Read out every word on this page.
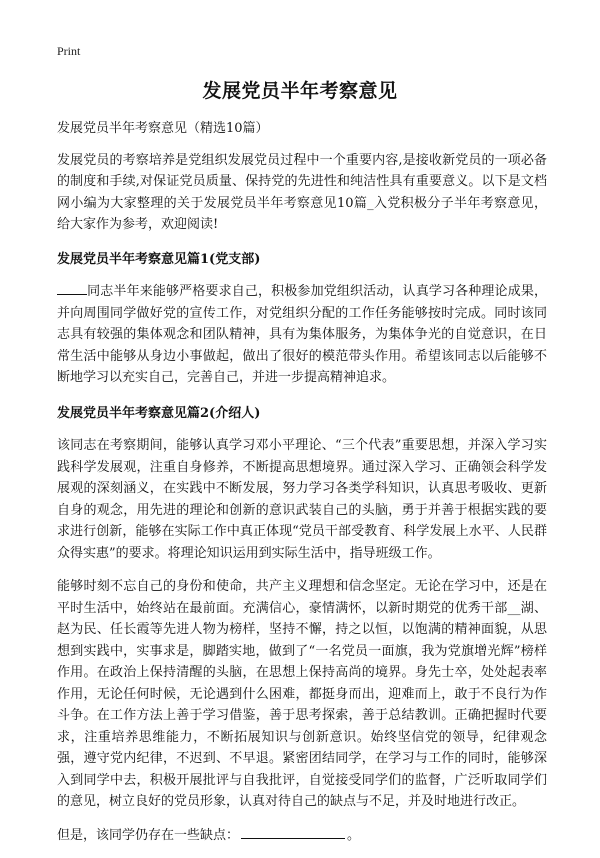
Print
发展党员半年考察意见

发展党员半年考察意见（精选10篇）

发展党员的考察培养是党组织发展党员过程中一个重要内容,是接收新党员的一项必备的制度和手续,对保证党员质量、保持党的先进性和纯洁性具有重要意义。以下是文档网小编为大家整理的关于发展党员半年考察意见10篇_入党积极分子半年考察意见，给大家作为参考，欢迎阅读!

发展党员半年考察意见篇1(党支部)

同志半年来能够严格要求自己，积极参加党组织活动，认真学习各种理论成果，并向周围同学做好党的宣传工作，对党组织分配的工作任务能够按时完成。同时该同志具有较强的集体观念和团队精神，具有为集体服务，为集体争光的自觉意识，在日常生活中能够从身边小事做起，做出了很好的模范带头作用。希望该同志以后能够不断地学习以充实自己，完善自己，并进一步提高精神追求。

发展党员半年考察意见篇2(介绍人)

该同志在考察期间，能够认真学习邓小平理论、“三个代表”重要思想，并深入学习实践科学发展观，注重自身修养，不断提高思想境界。通过深入学习、正确领会科学发展观的深刻涵义，在实践中不断发展，努力学习各类学科知识，认真思考吸收、更新自身的观念，用先进的理论和创新的意识武装自己的头脑，勇于并善于根据实践的要求进行创新，能够在实际工作中真正体现“党员干部受教育、科学发展上水平、人民群众得实惠”的要求。将理论知识运用到实际生活中，指导班级工作。

能够时刻不忘自己的身份和使命，共产主义理想和信念坚定。无论在学习中，还是在平时生活中，始终站在最前面。充满信心，豪情满怀，以新时期党的优秀干部__湖、赵为民、任长霞等先进人物为榜样，坚持不懈，持之以恒，以饱满的精神面貌，从思想到实践中，实事求是，脚踏实地，做到了“一名党员一面旗，我为党旗增光辉”榜样作用。在政治上保持清醒的头脑，在思想上保持高尚的境界。身先士卒，处处起表率作用，无论任何时候，无论遇到什么困难，都挺身而出，迎难而上，敢于不良行为作斗争。在工作方法上善于学习借鉴，善于思考探索，善于总结教训。正确把握时代要求，注重培养思维能力，不断拓展知识与创新意识。始终坚信党的领导，纪律观念强，遵守党内纪律，不迟到、不早退。紧密团结同学，在学习与工作的同时，能够深入到同学中去，积极开展批评与自我批评，自觉接受同学们的监督，广泛听取同学们的意见，树立良好的党员形象，认真对待自己的缺点与不足，并及时地进行改正。

但是，该同学仍存在一些缺点：	。
